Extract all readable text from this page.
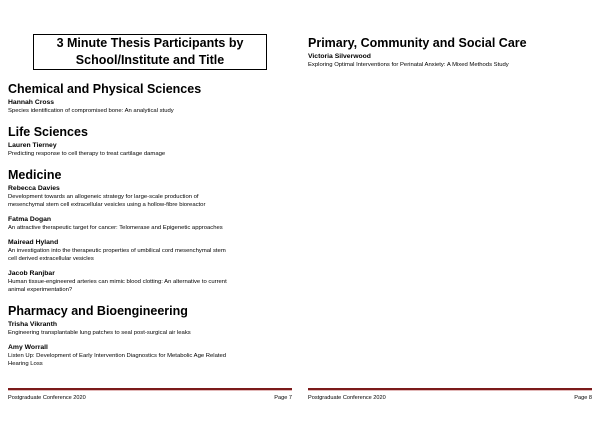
3 Minute Thesis Participants by
School/Institute and Title
Chemical and Physical Sciences
Hannah Cross
Species identification of compromised bone: An analytical study
Life Sciences
Lauren Tierney
Predicting response to cell therapy to treat cartilage damage
Medicine
Rebecca Davies
Development towards an allogeneic strategy for large-scale production of
mesenchymal stem cell extracellular vesicles using a hollow-fibre bioreactor
Fatma Dogan
An attractive therapeutic target for cancer: Telomerase and Epigenetic approaches
Mairead Hyland
An investigation into the therapeutic properties of umbilical cord mesenchymal stem
cell derived extracellular vesicles
Jacob Ranjbar
Human tissue-engineered arteries can mimic blood clotting: An alternative to current
animal experimentation?
Pharmacy and Bioengineering
Trisha Vikranth
Engineering transplantable lung patches to seal post-surgical air leaks
Amy Worrall
Listen Up: Development of Early Intervention Diagnostics for Metabolic Age Related
Hearing Loss
Postgraduate Conference 2020	Page 7
Primary, Community and Social Care
Victoria Silverwood
Exploring Optimal Interventions for Perinatal Anxiety: A Mixed Methods Study
Postgraduate Conference 2020	Page 8
